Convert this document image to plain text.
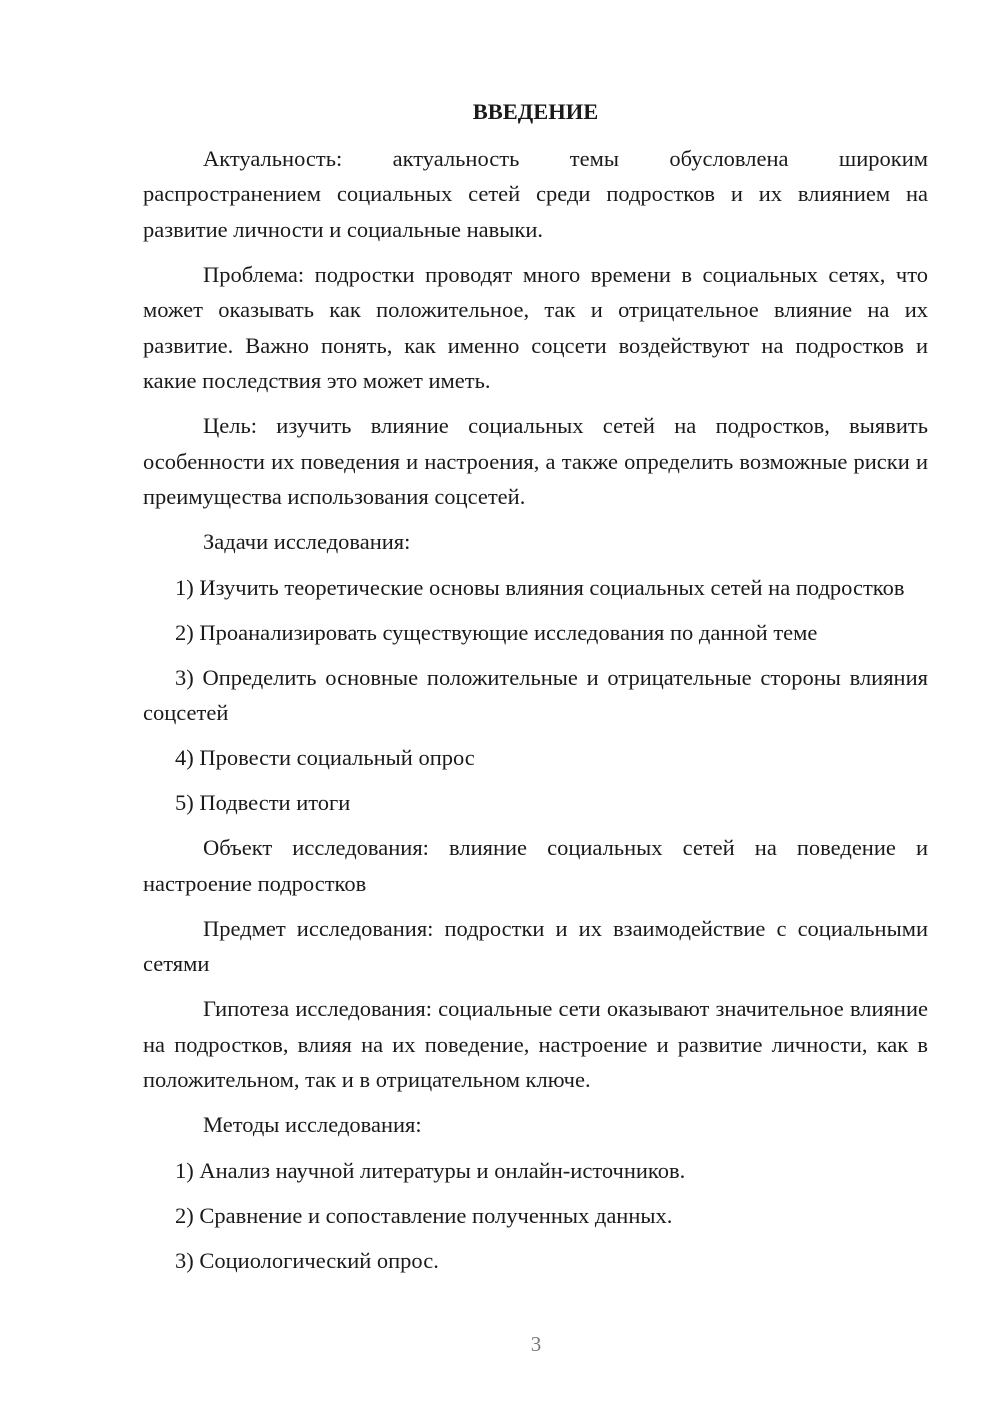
ВВЕДЕНИЕ

Актуальность: актуальность темы обусловлена широким распространением социальных сетей среди подростков и их влиянием на развитие личности и социальные навыки.

Проблема: подростки проводят много времени в социальных сетях, что может оказывать как положительное, так и отрицательное влияние на их развитие. Важно понять, как именно соцсети воздействуют на подростков и какие последствия это может иметь.

Цель: изучить влияние социальных сетей на подростков, выявить особенности их поведения и настроения, а также определить возможные риски и преимущества использования соцсетей.

Задачи исследования:

1) Изучить теоретические основы влияния социальных сетей на подростков

2) Проанализировать существующие исследования по данной теме

3) Определить основные положительные и отрицательные стороны влияния соцсетей

4) Провести социальный опрос

5) Подвести итоги

Объект исследования: влияние социальных сетей на поведение и настроение подростков

Предмет исследования: подростки и их взаимодействие с социальными сетями

Гипотеза исследования: социальные сети оказывают значительное влияние на подростков, влияя на их поведение, настроение и развитие личности, как в положительном, так и в отрицательном ключе.

Методы исследования:

1) Анализ научной литературы и онлайн-источников.

2) Сравнение и сопоставление полученных данных.

3) Социологический опрос.

3
